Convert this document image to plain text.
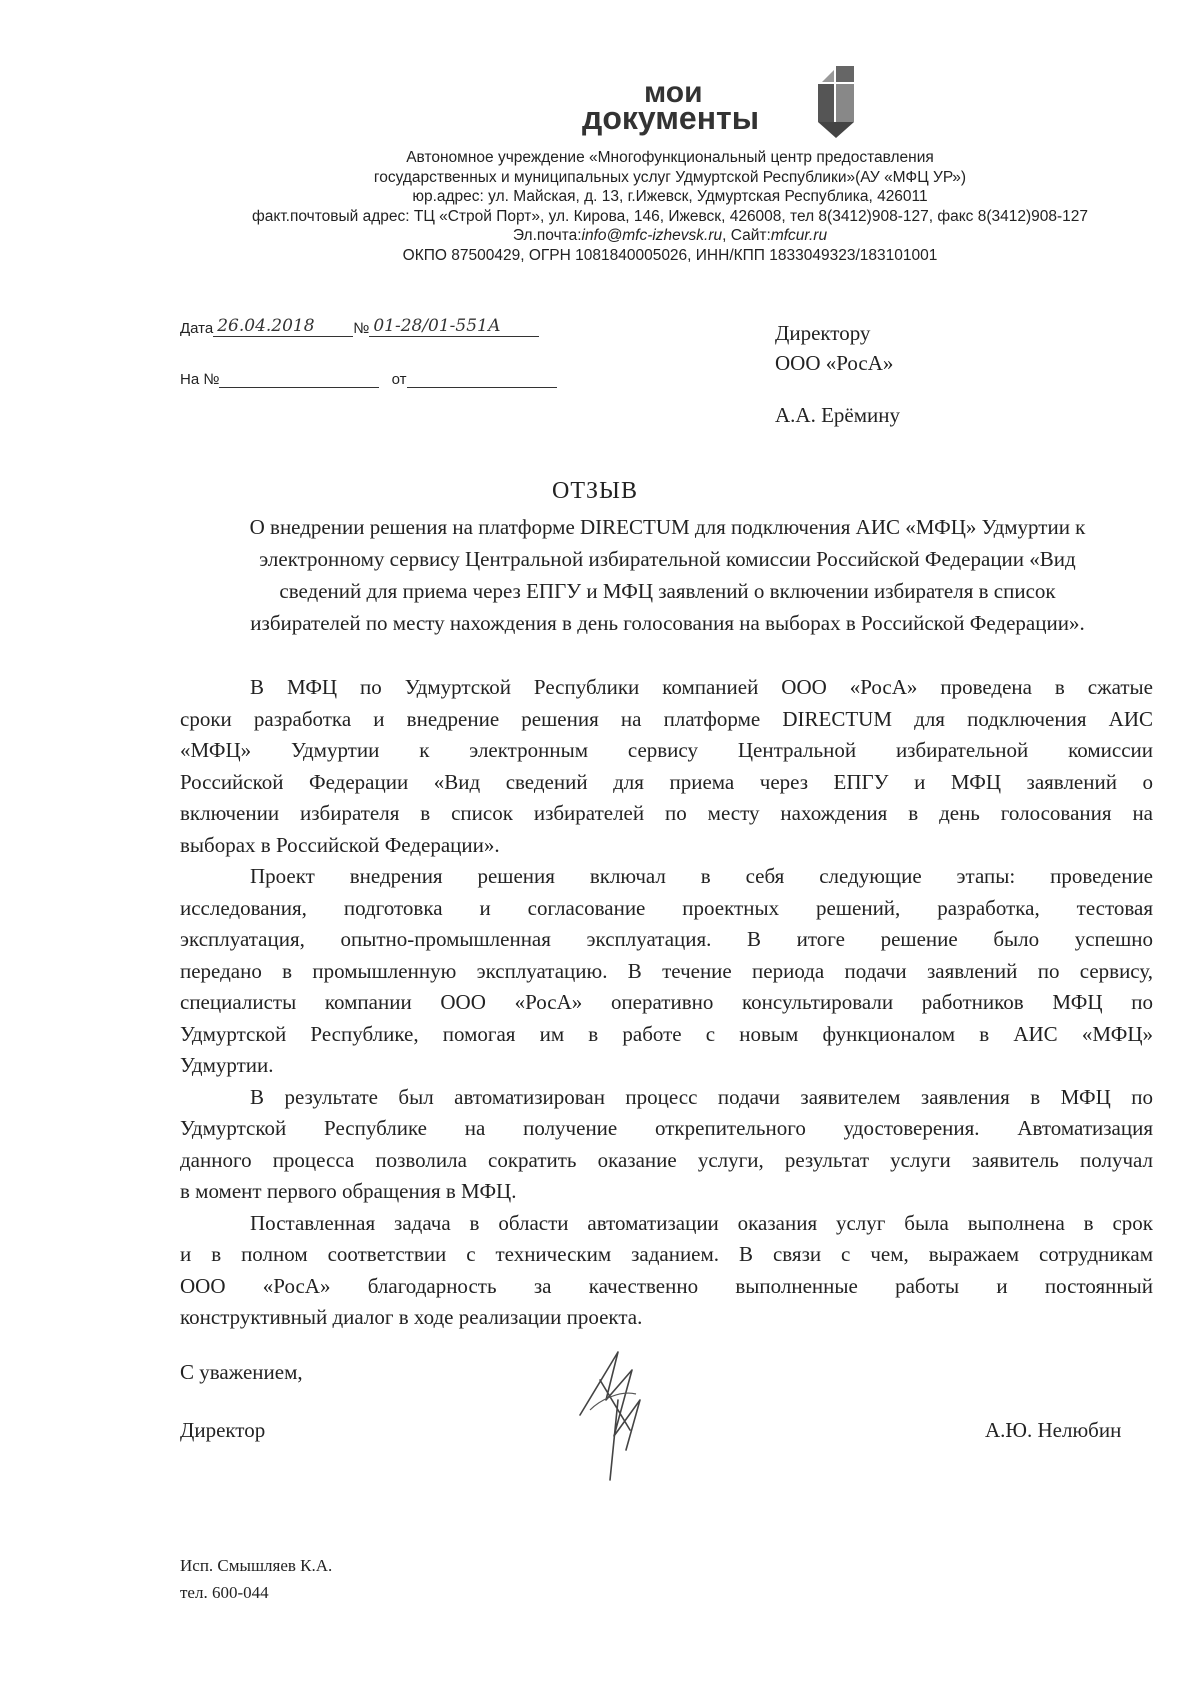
мои
документы
Автономное учреждение «Многофункциональный центр предоставления
государственных и муниципальных услуг Удмуртской Республики»(АУ «МФЦ УР»)
юр.адрес: ул. Майская, д. 13, г.Ижевск, Удмуртская Республика, 426011
факт.почтовый адрес: ТЦ «Строй Порт», ул. Кирова, 146, Ижевск, 426008, тел 8(3412)908-127, факс 8(3412)908-127
Эл.почта:info@mfc-izhevsk.ru, Сайт:mfcur.ru
ОКПО 87500429, ОГРН 1081840005026, ИНН/КПП 1833049323/183101001
Дата 26.04.2018	№ 01-28/01-551А
На №	от
Директору
ООО «РосА»
А.А. Ерёмину
ОТЗЫВ
О внедрении решения на платформе DIRECTUM для подключения АИС «МФЦ» Удмуртии к
электронному сервису Центральной избирательной комиссии Российской Федерации «Вид
сведений для приема через ЕПГУ и МФЦ заявлений о включении избирателя в список
избирателей по месту нахождения в день голосования на выборах в Российской Федерации».
В МФЦ по Удмуртской Республики компанией ООО «РосА» проведена в сжатые
сроки разработка и внедрение решения на платформе DIRECTUM для подключения АИС
«МФЦ» Удмуртии к электронным сервису Центральной избирательной комиссии
Российской Федерации «Вид сведений для приема через ЕПГУ и МФЦ заявлений о
включении избирателя в список избирателей по месту нахождения в день голосования на
выборах в Российской Федерации».
Проект внедрения решения включал в себя следующие этапы: проведение
исследования, подготовка и согласование проектных решений, разработка, тестовая
эксплуатация, опытно-промышленная эксплуатация. В итоге решение было успешно
передано в промышленную эксплуатацию. В течение периода подачи заявлений по сервису,
специалисты компании ООО «РосА» оперативно консультировали работников МФЦ по
Удмуртской Республике, помогая им в работе с новым функционалом в АИС «МФЦ»
Удмуртии.
В результате был автоматизирован процесс подачи заявителем заявления в МФЦ по
Удмуртской Республике на получение открепительного удостоверения. Автоматизация
данного процесса позволила сократить оказание услуги, результат услуги заявитель получал
в момент первого обращения в МФЦ.
Поставленная задача в области автоматизации оказания услуг была выполнена в срок
и в полном соответствии с техническим заданием. В связи с чем, выражаем сотрудникам
ООО «РосА» благодарность за качественно выполненные работы и постоянный
конструктивный диалог в ходе реализации проекта.
С уважением,
Директор	А.Ю. Нелюбин
Исп. Смышляев К.А.
тел. 600-044
